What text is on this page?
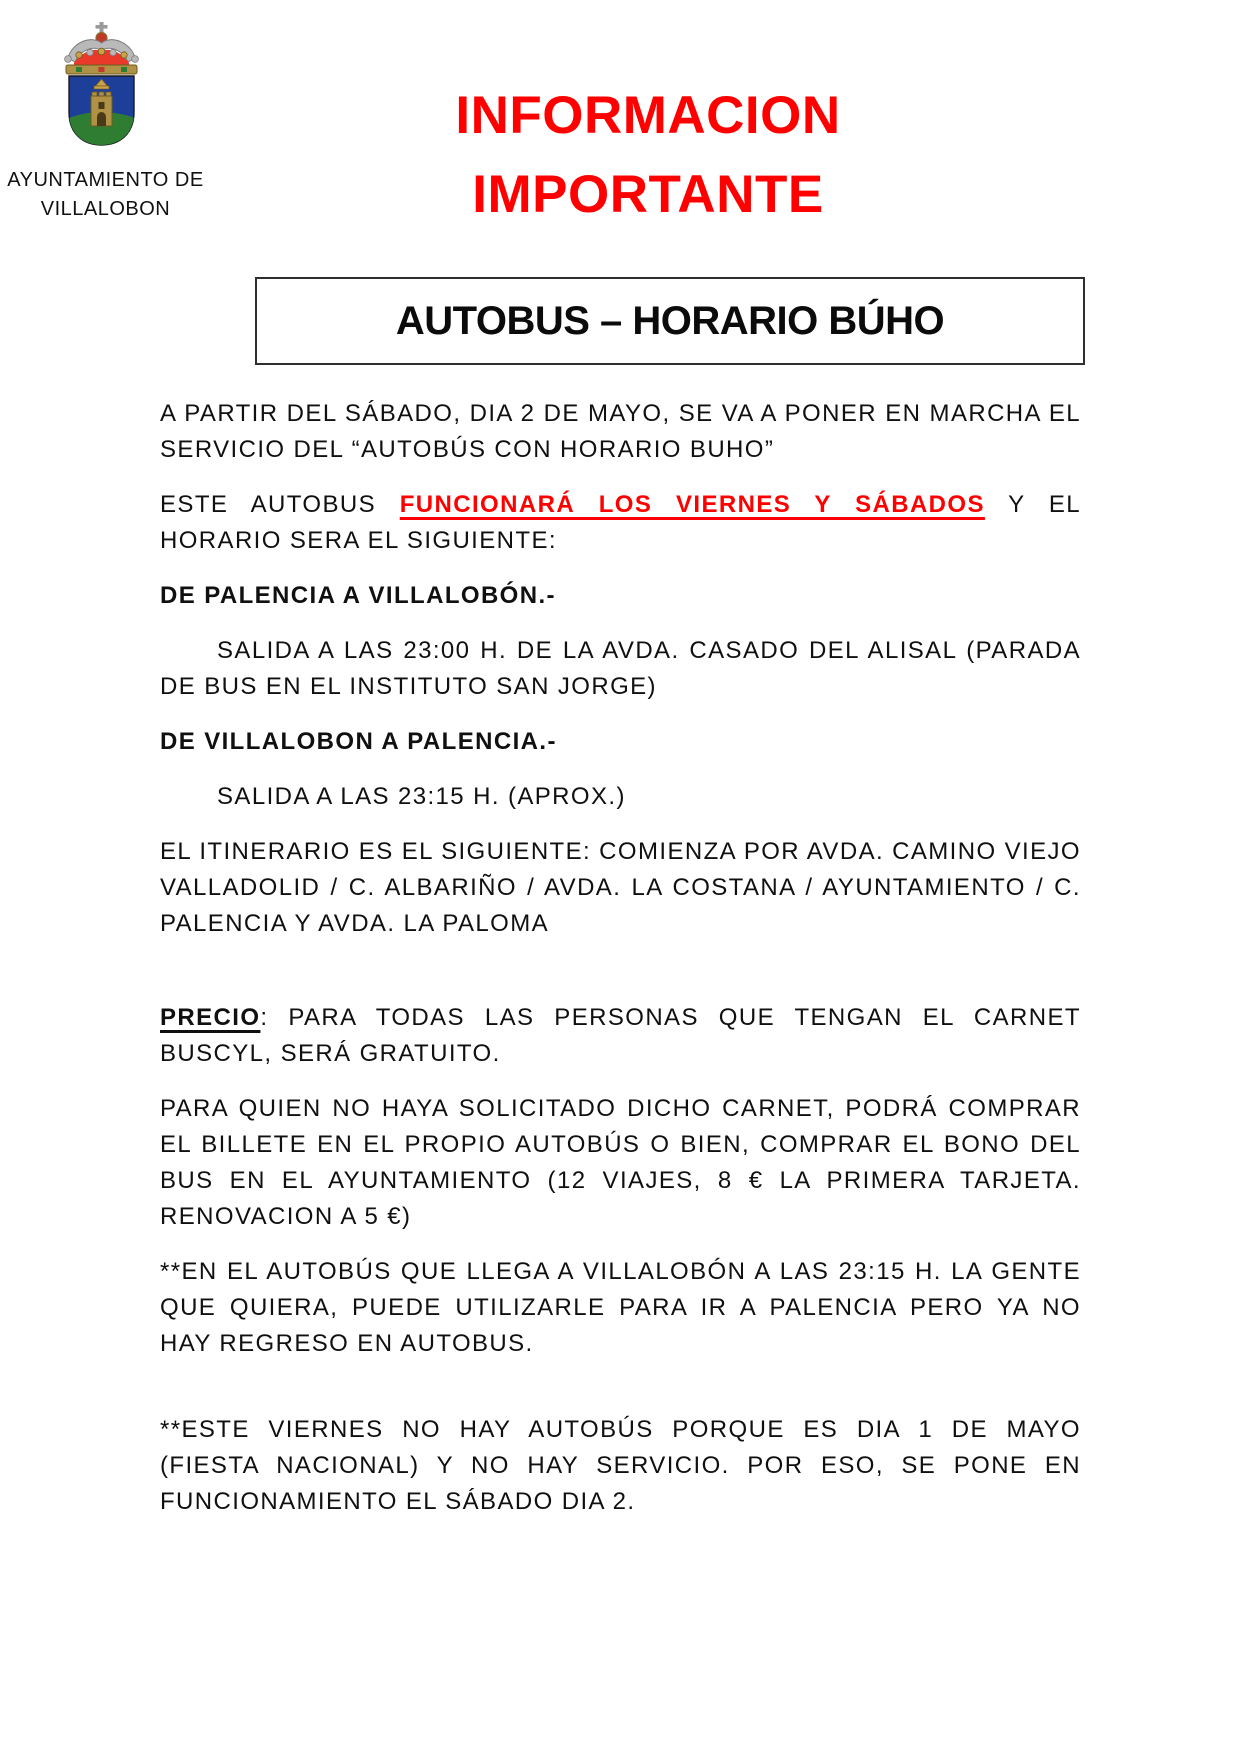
AYUNTAMIENTO DE
VILLALOBON
INFORMACION
IMPORTANTE
AUTOBUS – HORARIO BÚHO

A PARTIR DEL SÁBADO, DIA 2 DE MAYO, SE VA A PONER EN MARCHA EL SERVICIO DEL “AUTOBÚS CON HORARIO BUHO”

ESTE AUTOBUS FUNCIONARÁ LOS VIERNES Y SÁBADOS Y EL HORARIO SERA EL SIGUIENTE:

DE PALENCIA A VILLALOBÓN.-

SALIDA A LAS 23:00 H. DE LA AVDA. CASADO DEL ALISAL (PARADA DE BUS EN EL INSTITUTO SAN JORGE)

DE VILLALOBON A PALENCIA.-

SALIDA A LAS 23:15 H. (APROX.)

EL ITINERARIO ES EL SIGUIENTE: COMIENZA POR AVDA. CAMINO VIEJO VALLADOLID / C. ALBARIÑO / AVDA. LA COSTANA / AYUNTAMIENTO / C. PALENCIA Y AVDA. LA PALOMA

PRECIO: PARA TODAS LAS PERSONAS QUE TENGAN EL CARNET BUSCYL, SERÁ GRATUITO.

PARA QUIEN NO HAYA SOLICITADO DICHO CARNET, PODRÁ COMPRAR EL BILLETE EN EL PROPIO AUTOBÚS O BIEN, COMPRAR EL BONO DEL BUS EN EL AYUNTAMIENTO (12 VIAJES, 8 € LA PRIMERA TARJETA. RENOVACION A 5 €)

**EN EL AUTOBÚS QUE LLEGA A VILLALOBÓN A LAS 23:15 H. LA GENTE QUE QUIERA, PUEDE UTILIZARLE PARA IR A PALENCIA PERO YA NO HAY REGRESO EN AUTOBUS.

**ESTE VIERNES NO HAY AUTOBÚS PORQUE ES DIA 1 DE MAYO (FIESTA NACIONAL) Y NO HAY SERVICIO. POR ESO, SE PONE EN FUNCIONAMIENTO EL SÁBADO DIA 2.
